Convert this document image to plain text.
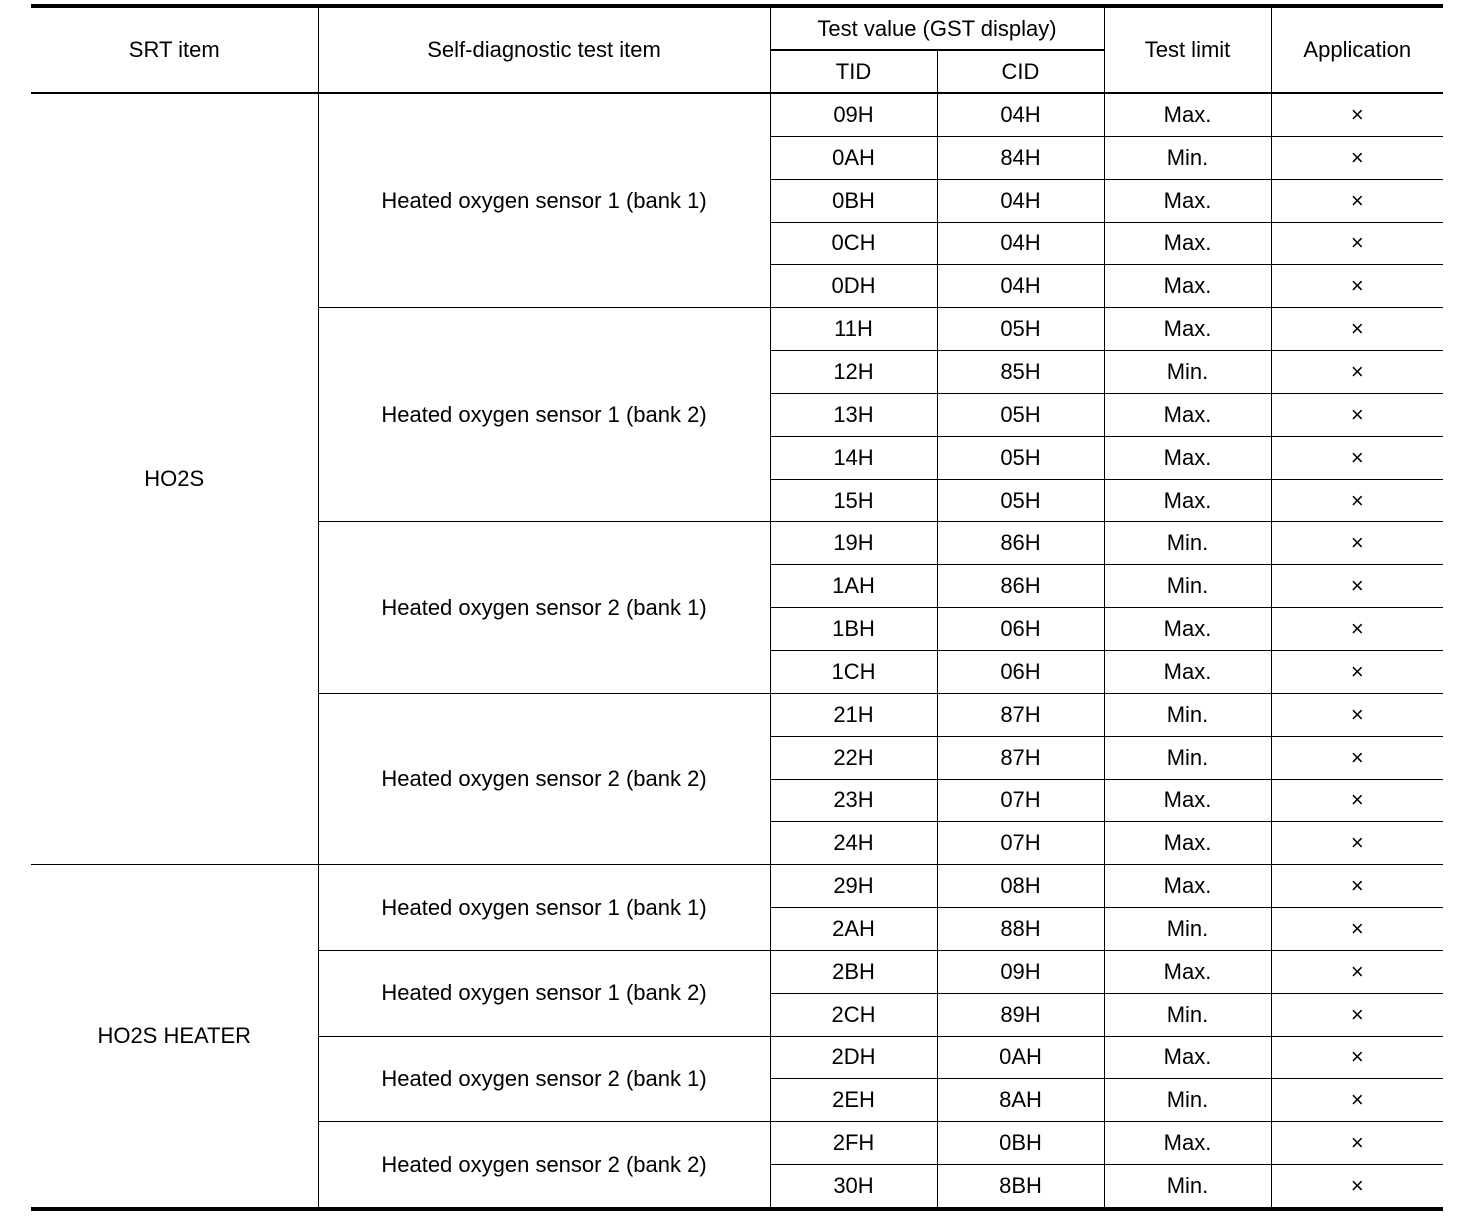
SRT item	Self-diagnostic test item	Test value (GST display)		Test limit	Application
		TID	CID		
HO2S	Heated oxygen sensor 1 (bank 1)	09H	04H	Max.	×
		0AH	84H	Min.	×
		0BH	04H	Max.	×
		0CH	04H	Max.	×
		0DH	04H	Max.	×
	Heated oxygen sensor 1 (bank 2)	11H	05H	Max.	×
		12H	85H	Min.	×
		13H	05H	Max.	×
		14H	05H	Max.	×
		15H	05H	Max.	×
	Heated oxygen sensor 2 (bank 1)	19H	86H	Min.	×
		1AH	86H	Min.	×
		1BH	06H	Max.	×
		1CH	06H	Max.	×
	Heated oxygen sensor 2 (bank 2)	21H	87H	Min.	×
		22H	87H	Min.	×
		23H	07H	Max.	×
		24H	07H	Max.	×
HO2S HEATER	Heated oxygen sensor 1 (bank 1)	29H	08H	Max.	×
		2AH	88H	Min.	×
	Heated oxygen sensor 1 (bank 2)	2BH	09H	Max.	×
		2CH	89H	Min.	×
	Heated oxygen sensor 2 (bank 1)	2DH	0AH	Max.	×
		2EH	8AH	Min.	×
	Heated oxygen sensor 2 (bank 2)	2FH	0BH	Max.	×
		30H	8BH	Min.	×
